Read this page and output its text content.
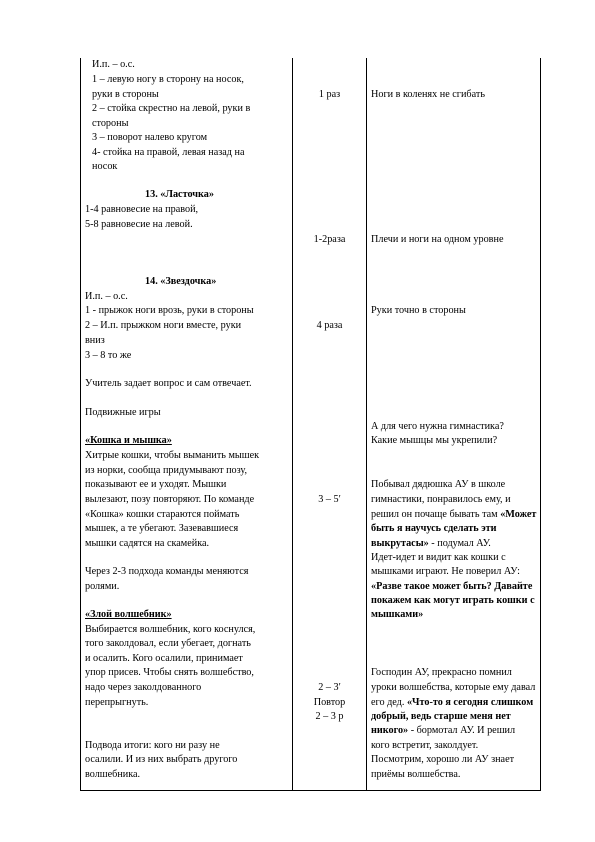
И.п. – о.с.
1 – левую ногу в сторону на носок,
руки в стороны
2 – стойка скрестно на левой, руки в
стороны
3 – поворот налево кругом
4- стойка на правой, левая назад на
носок
13. «Ласточка»
1-4 равновесие на правой,
5-8 равновесие на левой.
14. «Звездочка»
И.п. – о.с.
1 - прыжок ноги врозь, руки в стороны
2 – И.п. прыжком ноги вместе, руки
вниз
3 – 8 то же
Учитель задает вопрос и сам отвечает.
Подвижные игры
«Кошка и мышка»
Хитрые кошки, чтобы выманить мышек
из норки, сообща придумывают позу,
показывают ее и уходят. Мышки
вылезают, позу повторяют. По команде
«Кошка» кошки стараются поймать
мышек, а те убегают. Зазевавшиеся
мышки садятся на скамейка.
Через 2-3 подхода команды меняются
ролями.
«Злой волшебник»
Выбирается волшебник, кого коснулся,
того заколдовал, если убегает, догнать
и осалить. Кого осалили, принимает
упор присев. Чтобы снять волшебство,
надо через заколдованного
перепрыгнуть.
Подвода итоги: кого ни разу не
осалили. И из них выбрать другого
волшебника.
1 раз
1-2раза
4 раза
3 – 5′
2 – 3′
Повтор
2 – 3 р
Ноги в коленях не сгибать
Плечи и ноги на одном уровне
Руки точно в стороны
А для чего нужна гимнастика?
Какие мышцы мы укрепили?
Побывал дядюшка АУ в школе
гимнастики, понравилось ему, и
решил он почаще бывать там «Может
быть я научусь сделать эти
выкрутасы» - подумал АУ.
Идет-идет и видит как кошки с
мышками играют. Не поверил АУ:
«Разве такое может быть? Давайте
покажем как могут играть кошки с
мышками»
Господин АУ, прекрасно помнил
уроки волшебства, которые ему давал
его дед. «Что-то я сегодня слишком
добрый, ведь старше меня нет
никого» - бормотал АУ. И решил
кого встретит, заколдует.
Посмотрим, хорошо ли АУ знает
приёмы волшебства.
